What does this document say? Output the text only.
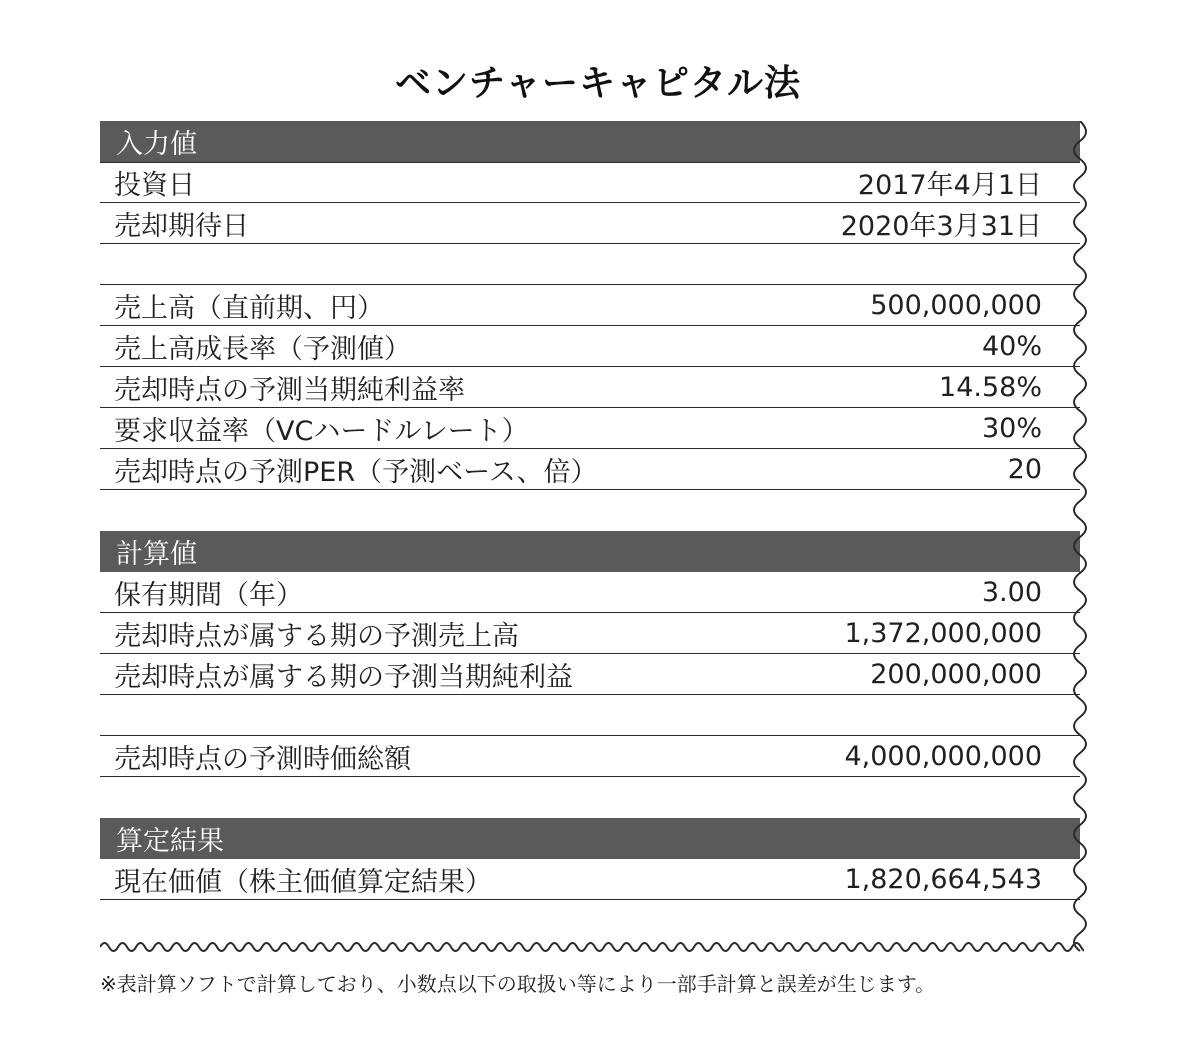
ベンチャーキャピタル法
入力値
投資日	2017年4月1日
売却期待日	2020年3月31日
売上高（直前期、円）	500,000,000
売上高成長率（予測値）	40%
売却時点の予測当期純利益率	14.58%
要求収益率（VCハードルレート）	30%
売却時点の予測PER（予測ベース、倍）	20
計算値
保有期間（年）	3.00
売却時点が属する期の予測売上高	1,372,000,000
売却時点が属する期の予測当期純利益	200,000,000
売却時点の予測時価総額	4,000,000,000
算定結果
現在価値（株主価値算定結果）	1,820,664,543
※表計算ソフトで計算しており、小数点以下の取扱い等により一部手計算と誤差が生じます。
